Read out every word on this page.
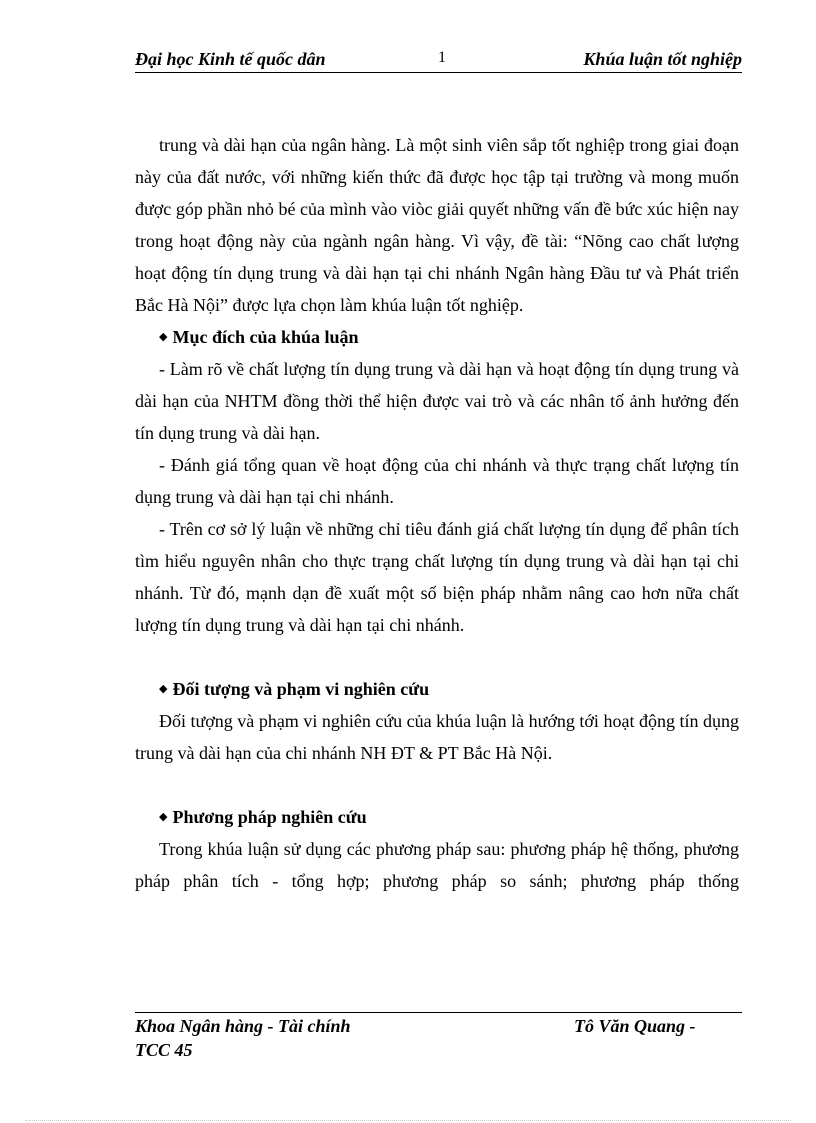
Đại học Kinh tế quốc dân	1	Khúa luận tốt nghiệp

trung và dài hạn của ngân hàng. Là một sinh viên sắp tốt nghiệp trong giai đoạn này của đất nước, với những kiến thức đã được học tập tại trường và mong muốn được góp phần nhỏ bé của mình vào viòc giải quyết những vấn đề bức xúc hiện nay trong hoạt động này của ngành ngân hàng. Vì vậy, đề tài: “Nõng cao chất lượng hoạt động tín dụng trung và dài hạn tại chi nhánh Ngân hàng Đầu tư và Phát triển Bắc Hà Nội” được lựa chọn làm khúa luận tốt nghiệp.

◆ Mục đích của khúa luận

- Làm rõ về chất lượng tín dụng trung và dài hạn và hoạt động tín dụng trung và dài hạn của NHTM đồng thời thể hiện được vai trò và các nhân tố ảnh hưởng đến tín dụng trung và dài hạn.

- Đánh giá tổng quan về hoạt động của chi nhánh và thực trạng chất lượng tín dụng trung và dài hạn tại chi nhánh.

- Trên cơ sở lý luận về những chỉ tiêu đánh giá chất lượng tín dụng để phân tích tìm hiểu nguyên nhân cho thực trạng chất lượng tín dụng trung và dài hạn tại chi nhánh. Từ đó, mạnh dạn đề xuất một số biện pháp nhằm nâng cao hơn nữa chất lượng tín dụng trung và dài hạn tại chi nhánh.

◆ Đối tượng và phạm vi nghiên cứu

Đối tượng và phạm vi nghiên cứu của khúa luận là hướng tới hoạt động tín dụng trung và dài hạn của chi nhánh NH ĐT & PT Bắc Hà Nội.

◆ Phương pháp nghiên cứu

Trong khúa luận sử dụng các phương pháp sau: phương pháp hệ thống, phương pháp phân tích - tổng hợp; phương pháp so sánh; phương pháp thống

Khoa Ngân hàng - Tài chính	Tô Văn Quang -
TCC 45
